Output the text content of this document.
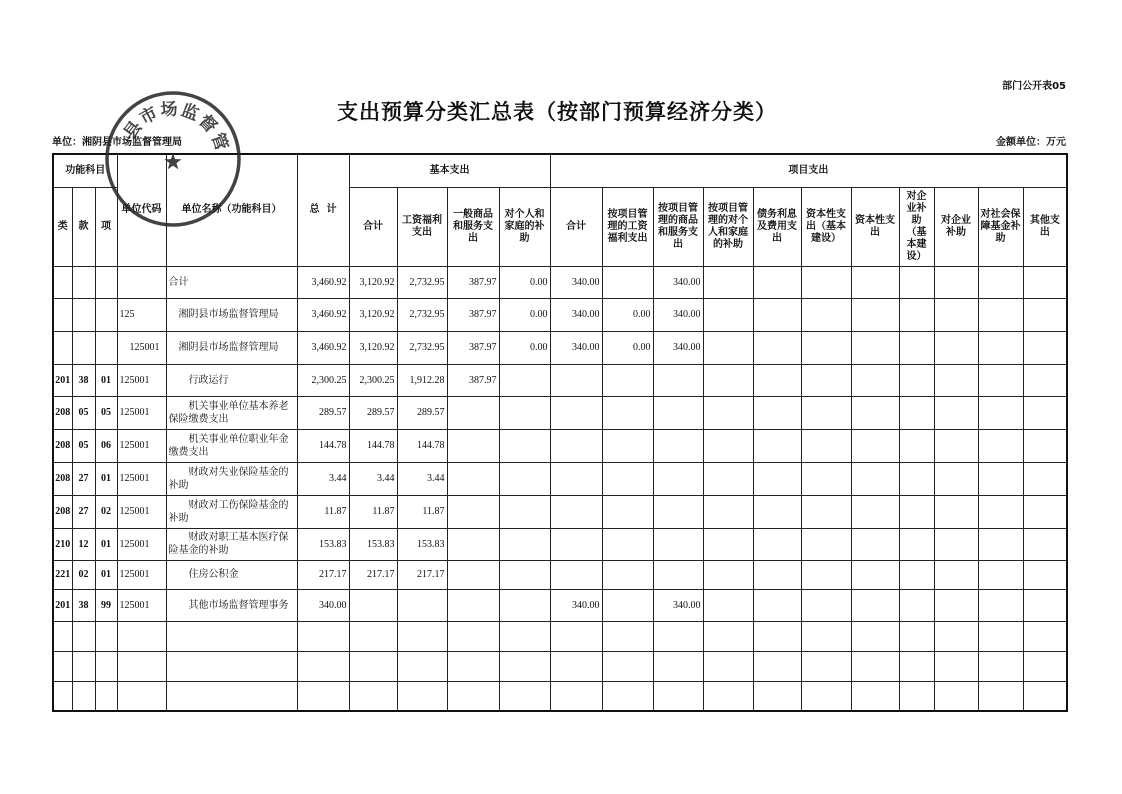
部门公开表05
支出预算分类汇总表（按部门预算经济分类）
单位：湘阴县市场监督管理局	金额单位：万元
功能科目			单位代码	单位名称（功能科目）	总  计	基本支出				项目支出										
类	款	项				合计	工资福利支出	一般商品和服务支出	对个人和家庭的补助	合计	按项目管理的工资福利支出	按项目管理的商品和服务支出	按项目管理的对个人和家庭的补助	债务利息及费用支出	资本性支出（基本建设）	资本性支出	对企业补助（基本建设）	对企业补助	对社会保障基金补助	其他支出
				合计	3,460.92	3,120.92	2,732.95	387.97	0.00	340.00		340.00								
			125	湘阴县市场监督管理局	3,460.92	3,120.92	2,732.95	387.97	0.00	340.00	0.00	340.00								
			125001	湘阴县市场监督管理局	3,460.92	3,120.92	2,732.95	387.97	0.00	340.00	0.00	340.00								
201	38	01	125001	行政运行	2,300.25	2,300.25	1,912.28	387.97												
208	05	05	125001	机关事业单位基本养老保险缴费支出	289.57	289.57	289.57													
208	05	06	125001	机关事业单位职业年金缴费支出	144.78	144.78	144.78													
208	27	01	125001	财政对失业保险基金的补助	3.44	3.44	3.44													
208	27	02	125001	财政对工伤保险基金的补助	11.87	11.87	11.87													
210	12	01	125001	财政对职工基本医疗保险基金的补助	153.83	153.83	153.83													
221	02	01	125001	住房公积金	217.17	217.17	217.17													
201	38	99	125001	其他市场监督管理事务	340.00					340.00		340.00								

县市场监督管
